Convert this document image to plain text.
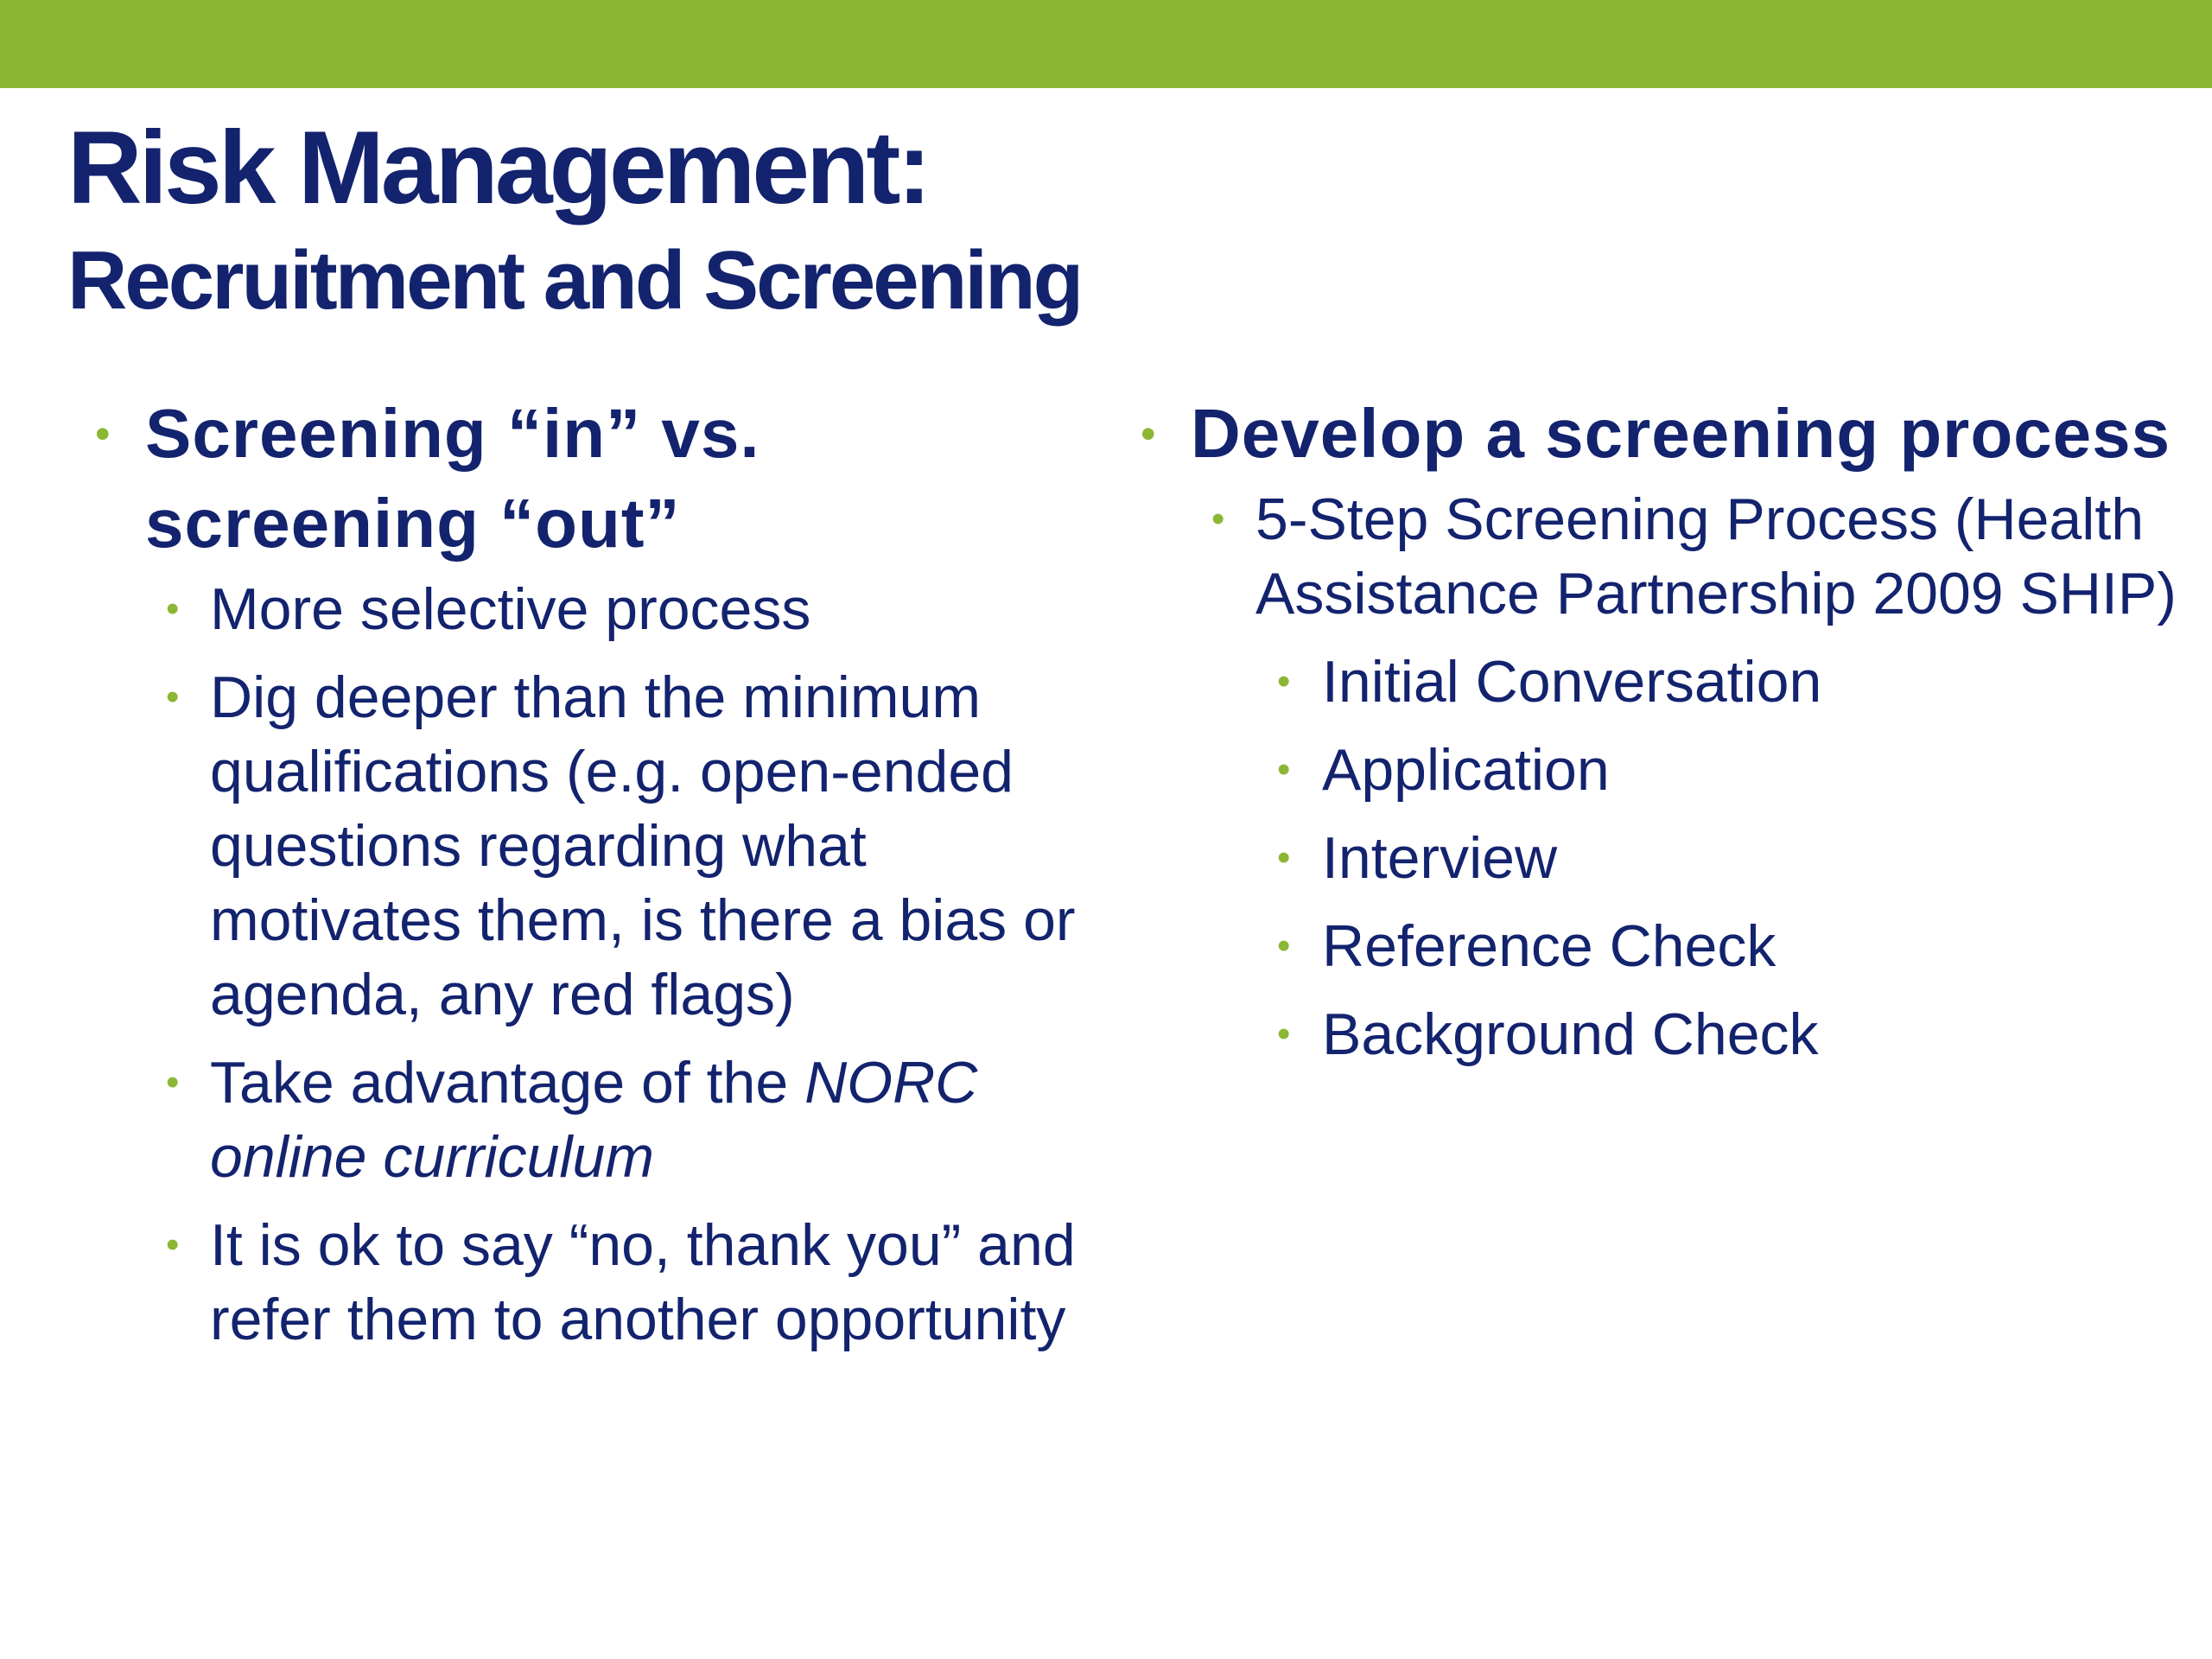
Risk Management:
Recruitment and Screening
• Screening “in” vs. screening “out”
• More selective process
• Dig deeper than the minimum qualifications (e.g. open-ended questions regarding what motivates them, is there a bias or agenda, any red flags)
• Take advantage of the NORC online curriculum
• It is ok to say “no, thank you” and refer them to another opportunity
• Develop a screening process
• 5-Step Screening Process (Health Assistance Partnership 2009 SHIP)
• Initial Conversation
• Application
• Interview
• Reference Check
• Background Check
